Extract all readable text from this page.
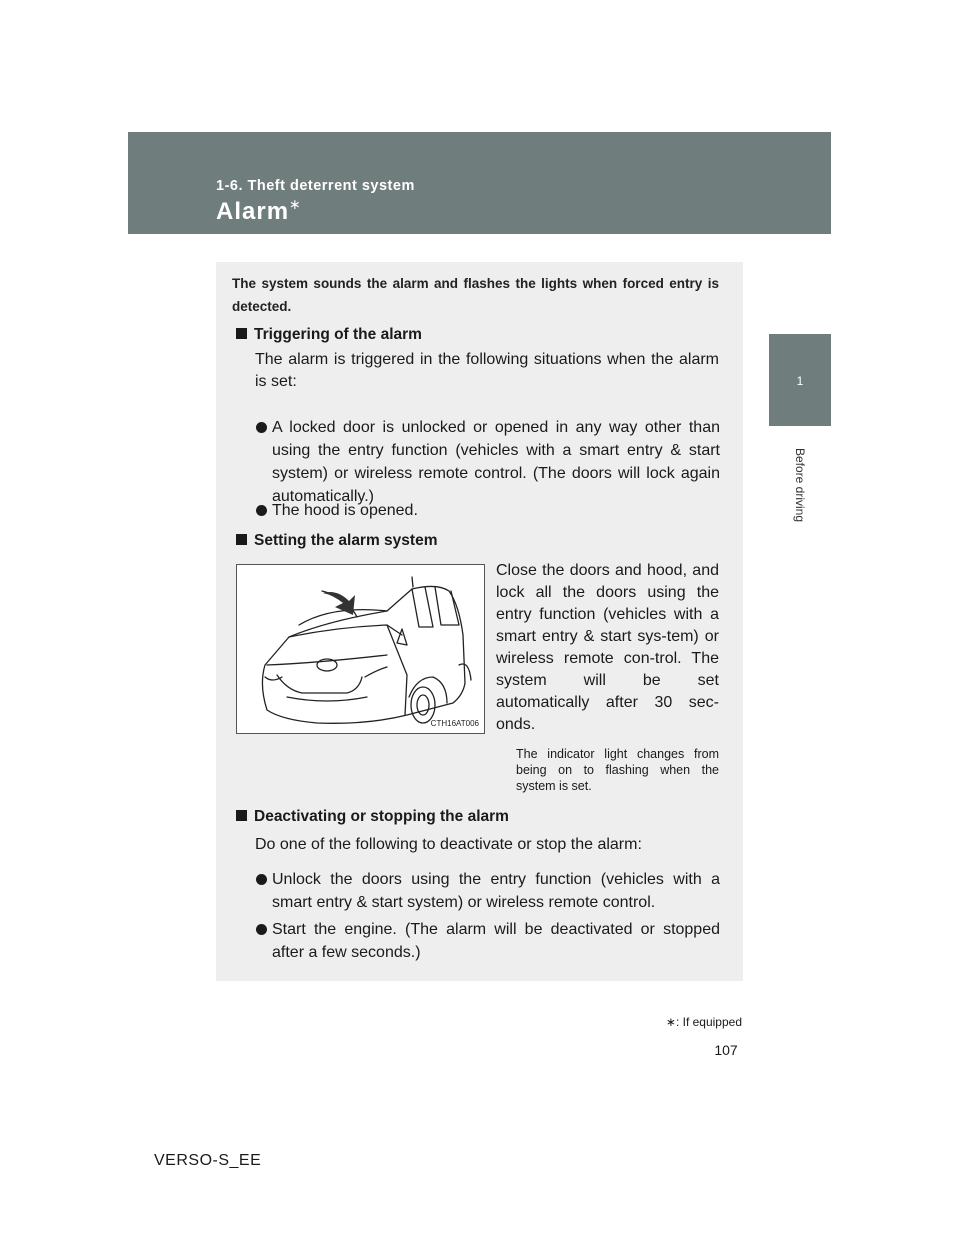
1-6. Theft deterrent system
Alarm∗
1
Before driving
The system sounds the alarm and flashes the lights when forced entry is detected.
Triggering of the alarm
The alarm is triggered in the following situations when the alarm is set:
A locked door is unlocked or opened in any way other than using the entry function (vehicles with a smart entry & start system) or wireless remote control. (The doors will lock again automatically.)
The hood is opened.
Setting the alarm system
CTH16AT006
Close the doors and hood, and lock all the doors using the entry function (vehicles with a smart entry & start sys-tem) or wireless remote con-trol. The system will be set automatically after 30 sec-onds.
The indicator light changes from being on to flashing when the system is set.
Deactivating or stopping the alarm
Do one of the following to deactivate or stop the alarm:
Unlock the doors using the entry function (vehicles with a smart entry & start system) or wireless remote control.
Start the engine. (The alarm will be deactivated or stopped after a few seconds.)
∗: If equipped
107
VERSO-S_EE
